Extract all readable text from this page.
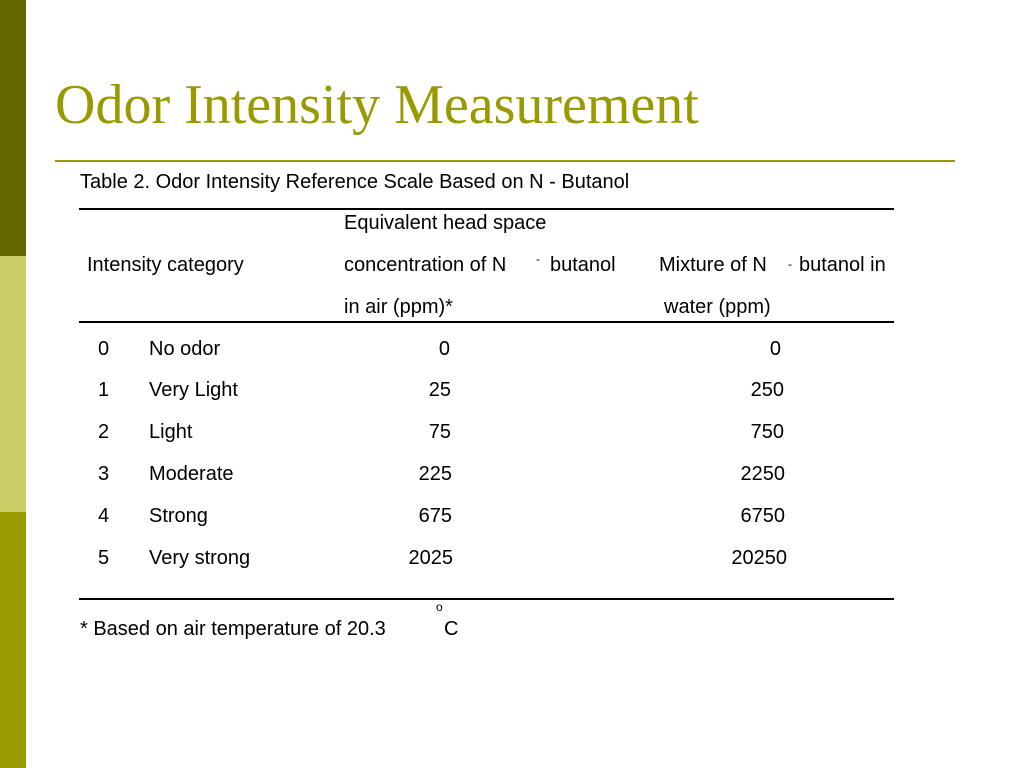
Odor Intensity Measurement
Table 2. Odor Intensity Reference Scale Based on N - Butanol
Intensity category
Equivalent head space
concentration of N - butanol
in air (ppm)*
Mixture of N - butanol in
water (ppm)
0 No odor	0	0
1 Very Light	25	250
2 Light	75	750
3 Moderate	225	2250
4 Strong	675	6750
5 Very strong	2025	20250
* Based on air temperature of 20.3
o
C
